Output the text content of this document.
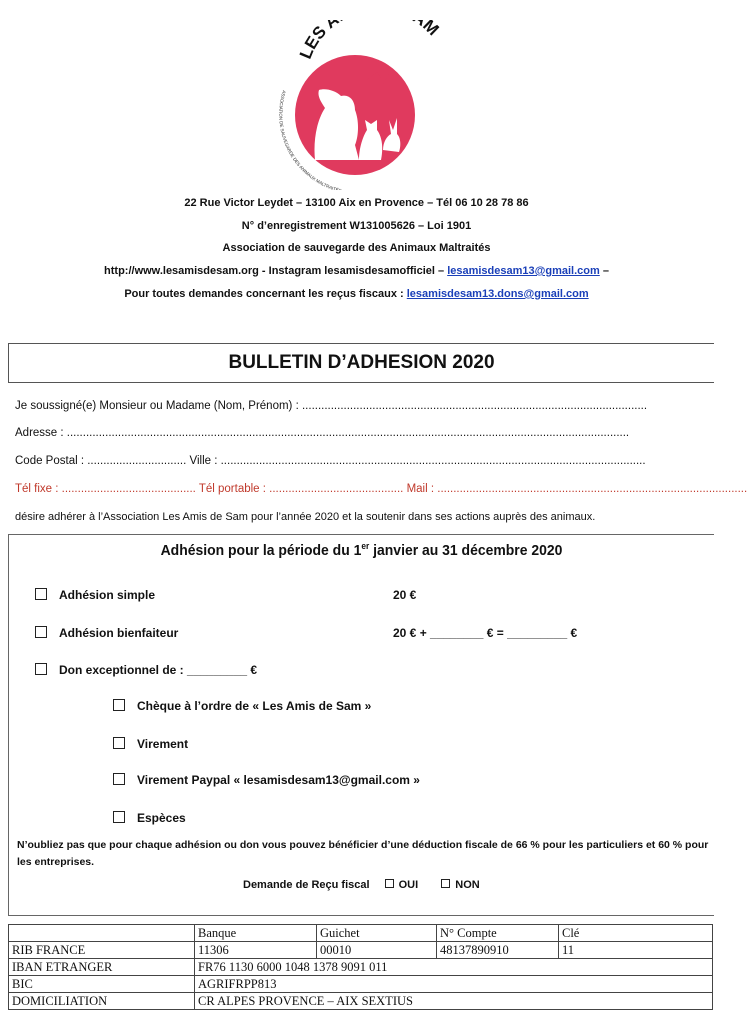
LES A M
ASSOCIATION DE SAUVEGARDE DES ANIMAUX MALTRAITÉ
22 Rue Victor Leydet – 13100 Aix en Provence – Tél 06 10 28 78 86
N° d’enregistrement W131005626 – Loi 1901
Association de sauvegarde des Animaux Maltraités
http://www.lesamisdesam.org - Instagram lesamisdesamofficiel – lesamisdesam13@gmail.com –
Pour toutes demandes concernant les reçus fiscaux : lesamisdesam13.dons@gmail.com
BULLETIN D’ADHESION 2020
Je soussigné(e) Monsieur ou Madame (Nom, Prénom) : ............................................................................................................
Adresse : ................................................................................................................................................................................
Code Postal : ............................... Ville : .....................................................................................................................................
Tél fixe : .......................................... Tél portable : .......................................... Mail : .................................................................................................
désire adhérer à l’Association Les Amis de Sam pour l’année 2020 et la soutenir dans ses actions auprès des animaux.
Adhésion pour la période du 1er janvier au 31 décembre 2020
Adhésion simple	20 €
Adhésion bienfaiteur	20 € + ________ € = _________ €
Don exceptionnel de : _________ €
Chèque à l’ordre de « Les Amis de Sam »
Virement
Virement Paypal « lesamisdesam13@gmail.com »
Espèces
N’oubliez pas que pour chaque adhésion ou don vous pouvez bénéficier d’une déduction fiscale de 66 % pour les particuliers et 60 % pour les entreprises.
Demande de Reçu fiscal	OUI	NON
	Banque	Guichet	N° Compte	Clé
RIB FRANCE	11306	00010	48137890910	11
IBAN ETRANGER	FR76 1130 6000 1048 1378 9091 011			
BIC	AGRIFRPP813			
DOMICILIATION	CR ALPES PROVENCE – AIX SEXTIUS			
